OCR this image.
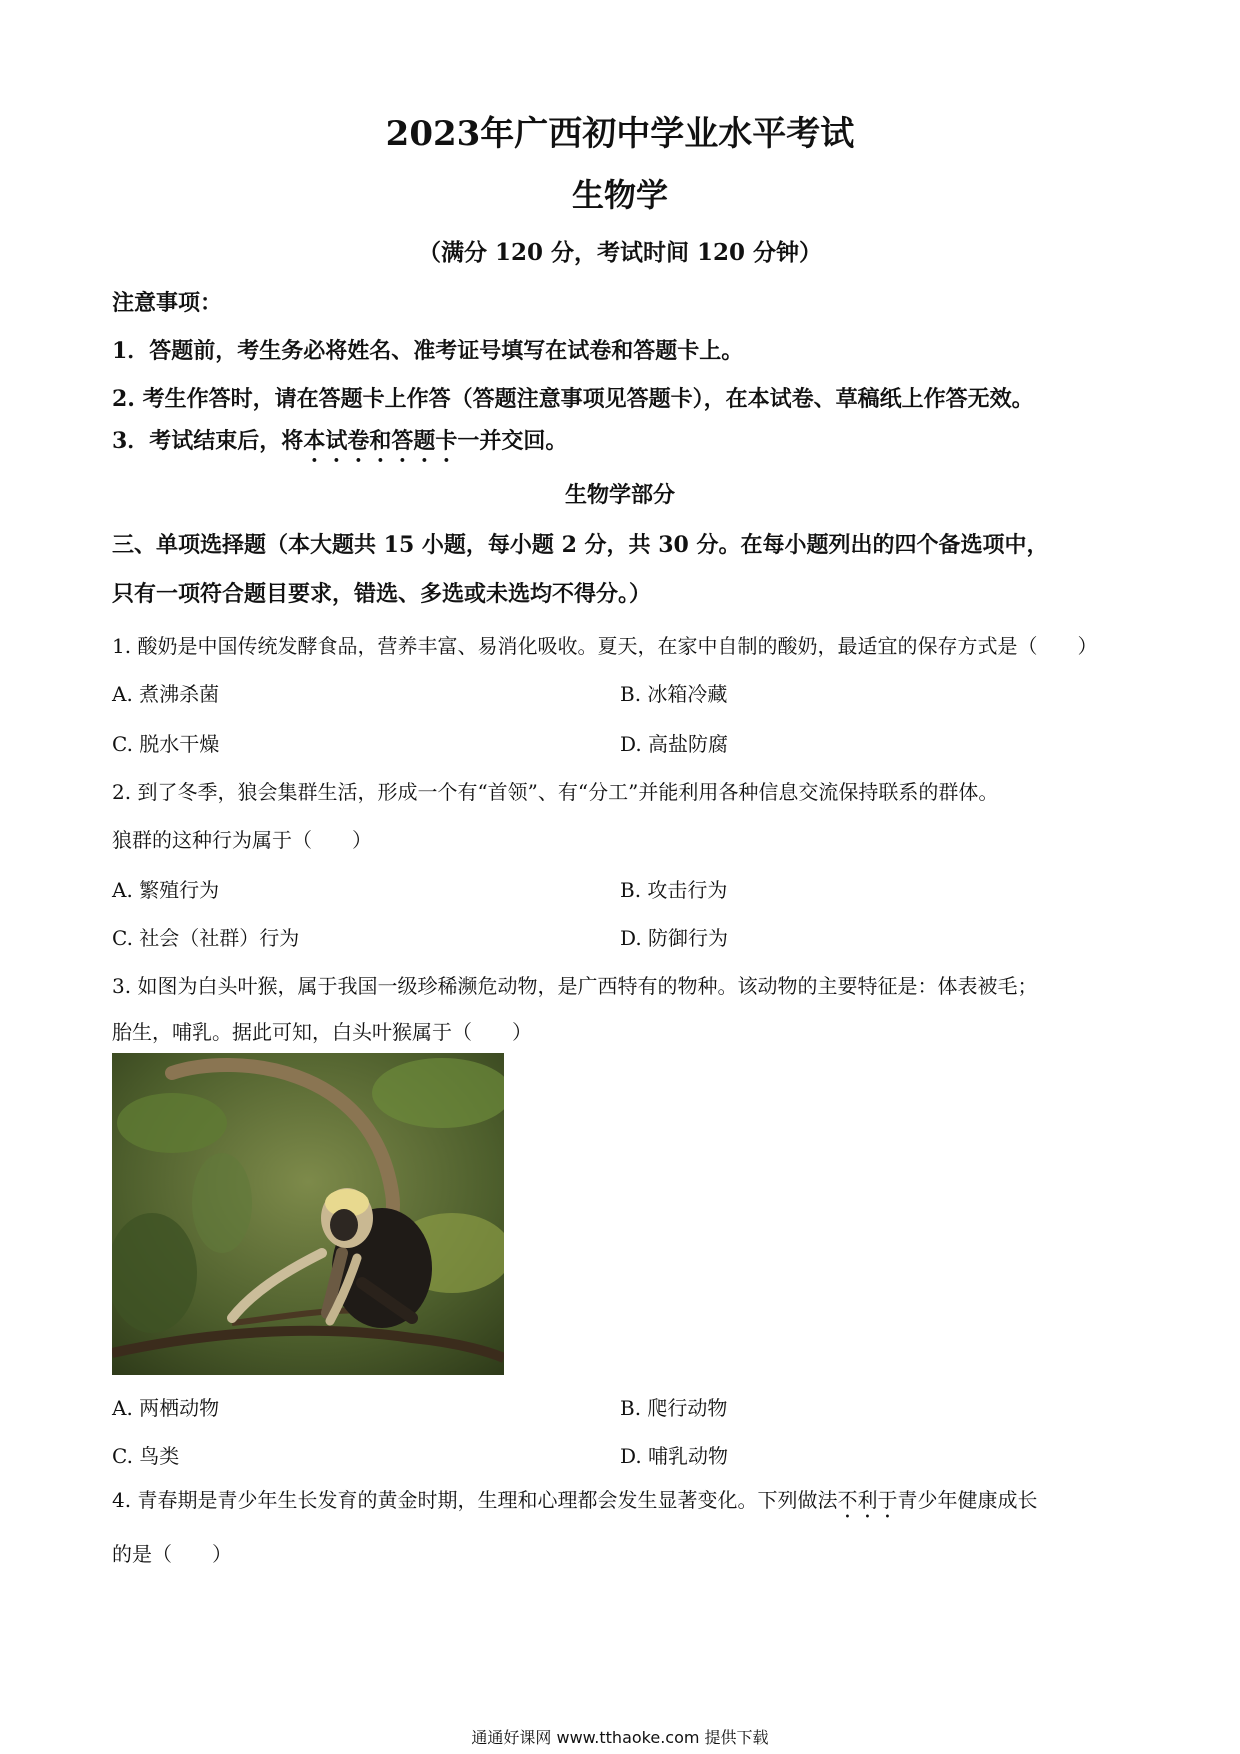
2023年广西初中学业水平考试
生物学
（满分 120 分，考试时间 120 分钟）
注意事项：
1．答题前，考生务必将姓名、准考证号填写在试卷和答题卡上。
2. 考生作答时，请在答题卡上作答（答题注意事项见答题卡），在本试卷、草稿纸上作答无效。
3．考试结束后，将本试卷和答题卡一并交回。
生物学部分
三、单项选择题（本大题共 15 小题，每小题 2 分，共 30 分。在每小题列出的四个备选项中，
只有一项符合题目要求，错选、多选或未选均不得分。）
1. 酸奶是中国传统发酵食品，营养丰富、易消化吸收。夏天，在家中自制的酸奶，最适宜的保存方式是（　　）
A. 煮沸杀菌	B. 冰箱冷藏
C. 脱水干燥	D. 高盐防腐
2. 到了冬季，狼会集群生活，形成一个有“首领”、有“分工”并能利用各种信息交流保持联系的群体。
狼群的这种行为属于（　　）
A. 繁殖行为	B. 攻击行为
C. 社会（社群）行为	D. 防御行为
3. 如图为白头叶猴，属于我国一级珍稀濒危动物，是广西特有的物种。该动物的主要特征是：体表被毛；
胎生，哺乳。据此可知，白头叶猴属于（　　）
A. 两栖动物	B. 爬行动物
C. 鸟类	D. 哺乳动物
4. 青春期是青少年生长发育的黄金时期，生理和心理都会发生显著变化。下列做法不利于青少年健康成长
的是（　　）
通通好课网 www.tthaoke.com 提供下载
